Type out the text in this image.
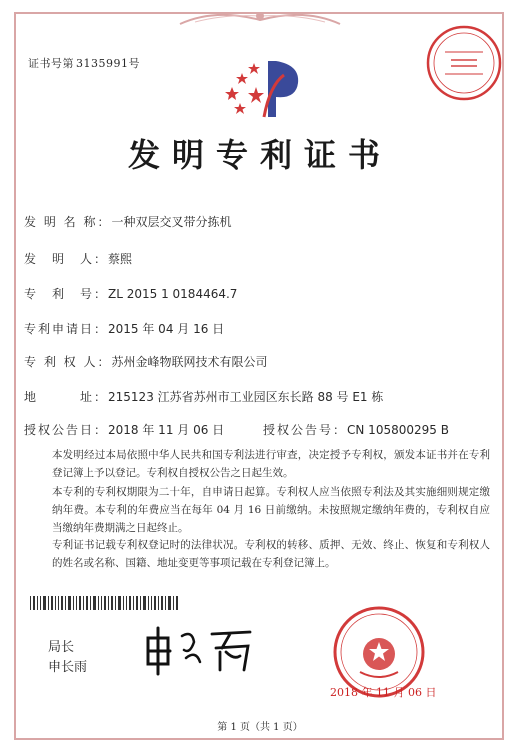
证书号第 3135991号
发明专利证书
发 明 名 称：一种双层交叉带分拣机
发　明　人：蔡熙
专　利　号：ZL 2015 1 0184464.7
专利申请日：2015 年 04 月 16 日
专 利 权 人：苏州金峰物联网技术有限公司
地　　　址：215123 江苏省苏州市工业园区东长路 88 号 E1 栋
授权公告日：2018 年 11 月 06 日	授权公告号：CN 105800295 B
本发明经过本局依照中华人民共和国专利法进行审查，决定授予专利权，颁发本证书并在专利登记簿上予以登记。专利权自授权公告之日起生效。
本专利的专利权期限为二十年，自申请日起算。专利权人应当依照专利法及其实施细则规定缴纳年费。本专利的年费应当在每年 04 月 16 日前缴纳。未按照规定缴纳年费的，专利权自应当缴纳年费期满之日起终止。
专利证书记载专利权登记时的法律状况。专利权的转移、质押、无效、终止、恢复和专利权人的姓名或名称、国籍、地址变更等事项记载在专利登记簿上。
局长
申长雨
2018 年 11 月 06 日
第 1 页（共 1 页）
